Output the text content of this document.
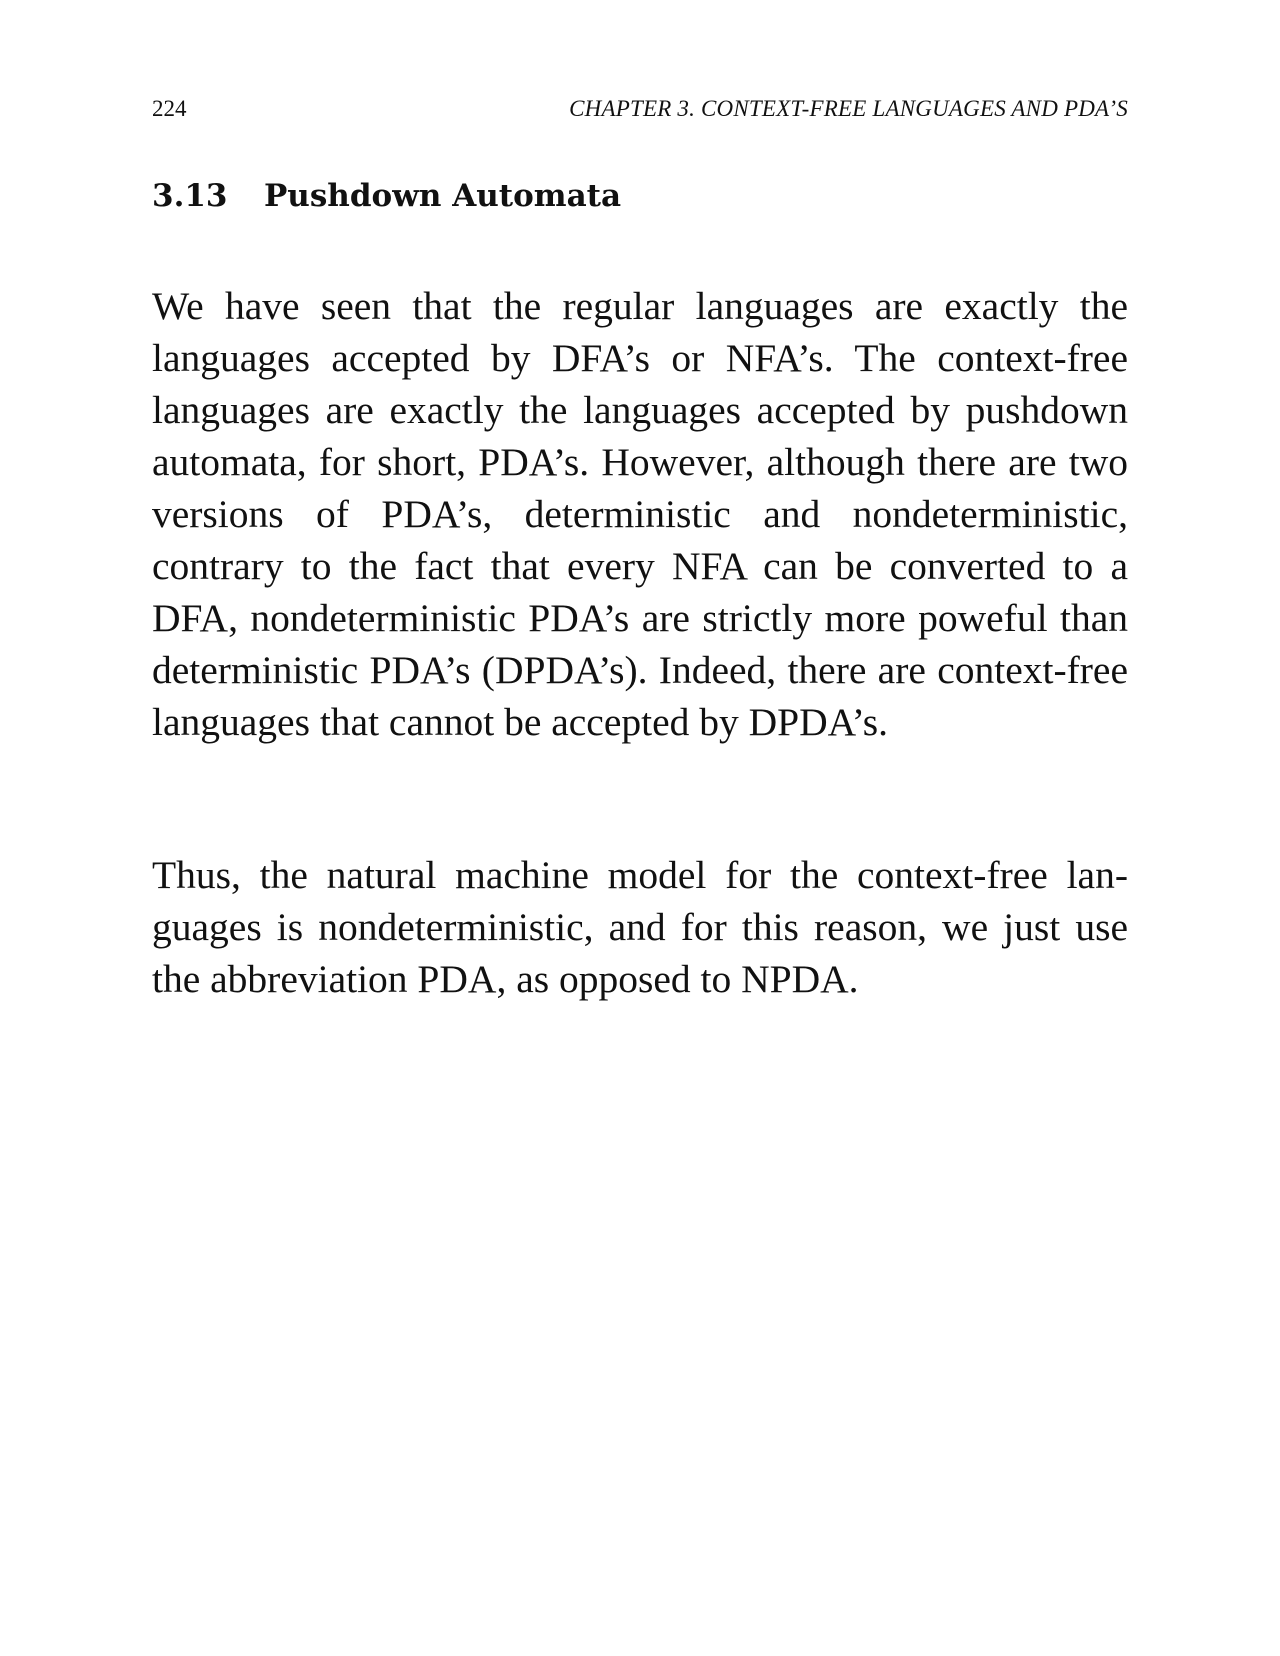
224	CHAPTER 3. CONTEXT-FREE LANGUAGES AND PDA’S
3.13 Pushdown Automata

We have seen that the regular languages are exactly the languages accepted by DFA’s or NFA’s. The context-free languages are exactly the languages accepted by pushdown automata, for short, PDA’s. However, although there are two versions of PDA’s, deterministic and nondeterministic, contrary to the fact that every NFA can be converted to a DFA, nondeterministic PDA’s are strictly more poweful than deterministic PDA’s (DPDA’s). Indeed, there are context-free languages that cannot be accepted by DPDA’s.

Thus, the natural machine model for the context-free languages is nondeterministic, and for this reason, we just use the abbreviation PDA, as opposed to NPDA.
